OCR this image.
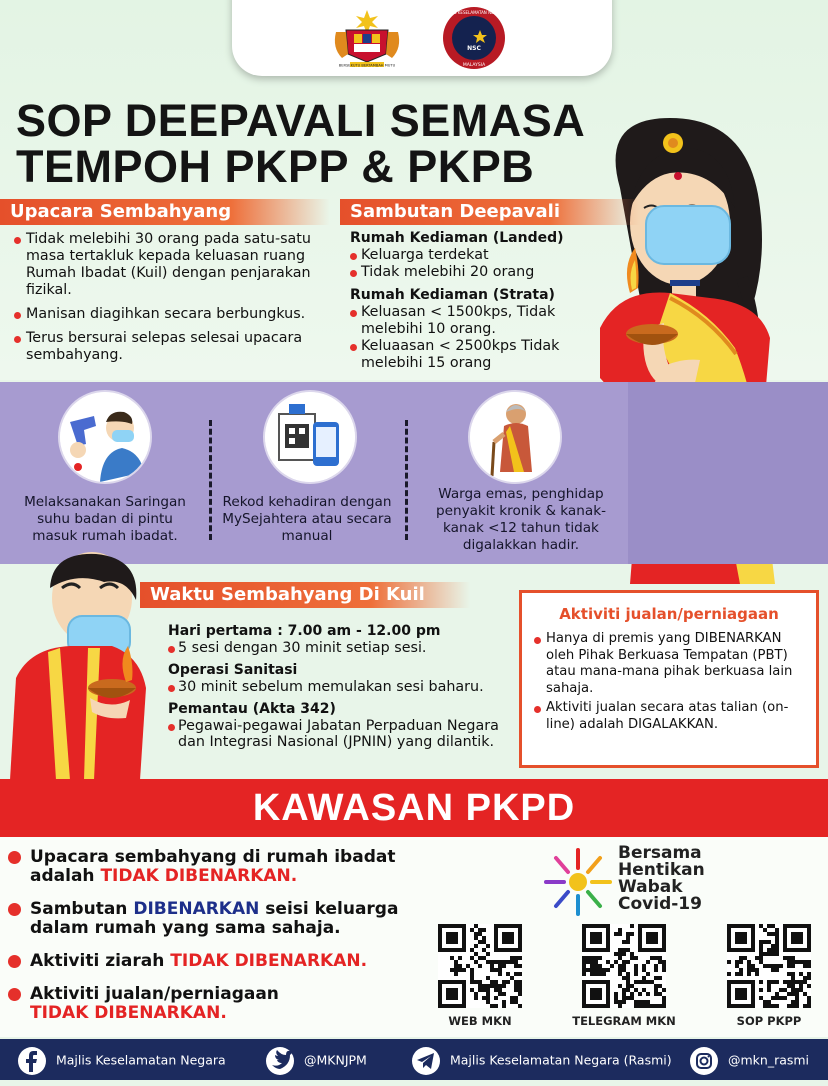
BERSEKUTU BERTAMBAH MUTU
NSC
MAJLIS KESELAMATAN NEGARA
MALAYSIA
SOP DEEPAVALI SEMASA
TEMPOH PKPP & PKPB
Upacara Sembahyang	Sambutan Deepavali
Tidak melebihi 30 orang pada satu-satu masa tertakluk kepada keluasan ruang Rumah Ibadat (Kuil) dengan penjarakan fizikal.
Manisan diagihkan secara berbungkus.
Terus bersurai selepas selesai upacara sembahyang.
Rumah Kediaman (Landed)
Keluarga terdekat
Tidak melebihi 20 orang
Rumah Kediaman (Strata)
Keluasan < 1500kps, Tidak melebihi 10 orang.
Keluaasan < 2500kps Tidak melebihi 15 orang
Melaksanakan Saringan suhu badan di pintu masuk rumah ibadat.
Rekod kehadiran dengan MySejahtera atau secara manual
Warga emas, penghidap penyakit kronik & kanak-kanak <12 tahun tidak digalakkan hadir.
Waktu Sembahyang Di Kuil
Hari pertama : 7.00 am - 12.00 pm
5 sesi dengan 30 minit setiap sesi.
Operasi Sanitasi
30 minit sebelum memulakan sesi baharu.
Pemantau (Akta 342)
Pegawai-pegawai Jabatan Perpaduan Negara dan Integrasi Nasional (JPNIN) yang dilantik.
Aktiviti jualan/perniagaan
Hanya di premis yang DIBENARKAN oleh Pihak Berkuasa Tempatan (PBT) atau mana-mana pihak berkuasa lain sahaja.
Aktiviti jualan secara atas talian (on-line) adalah DIGALAKKAN.
KAWASAN PKPD
Upacara sembahyang di rumah ibadat adalah TIDAK DIBENARKAN.
Sambutan DIBENARKAN seisi keluarga dalam rumah yang sama sahaja.
Aktiviti ziarah TIDAK DIBENARKAN.
Aktiviti jualan/perniagaan
TIDAK DIBENARKAN.
Bersama
Hentikan
Wabak
Covid-19
WEB MKN	TELEGRAM MKN	SOP PKPP
Majlis Keselamatan Negara	@MKNJPM	Majlis Keselamatan Negara (Rasmi)	@mkn_rasmi
